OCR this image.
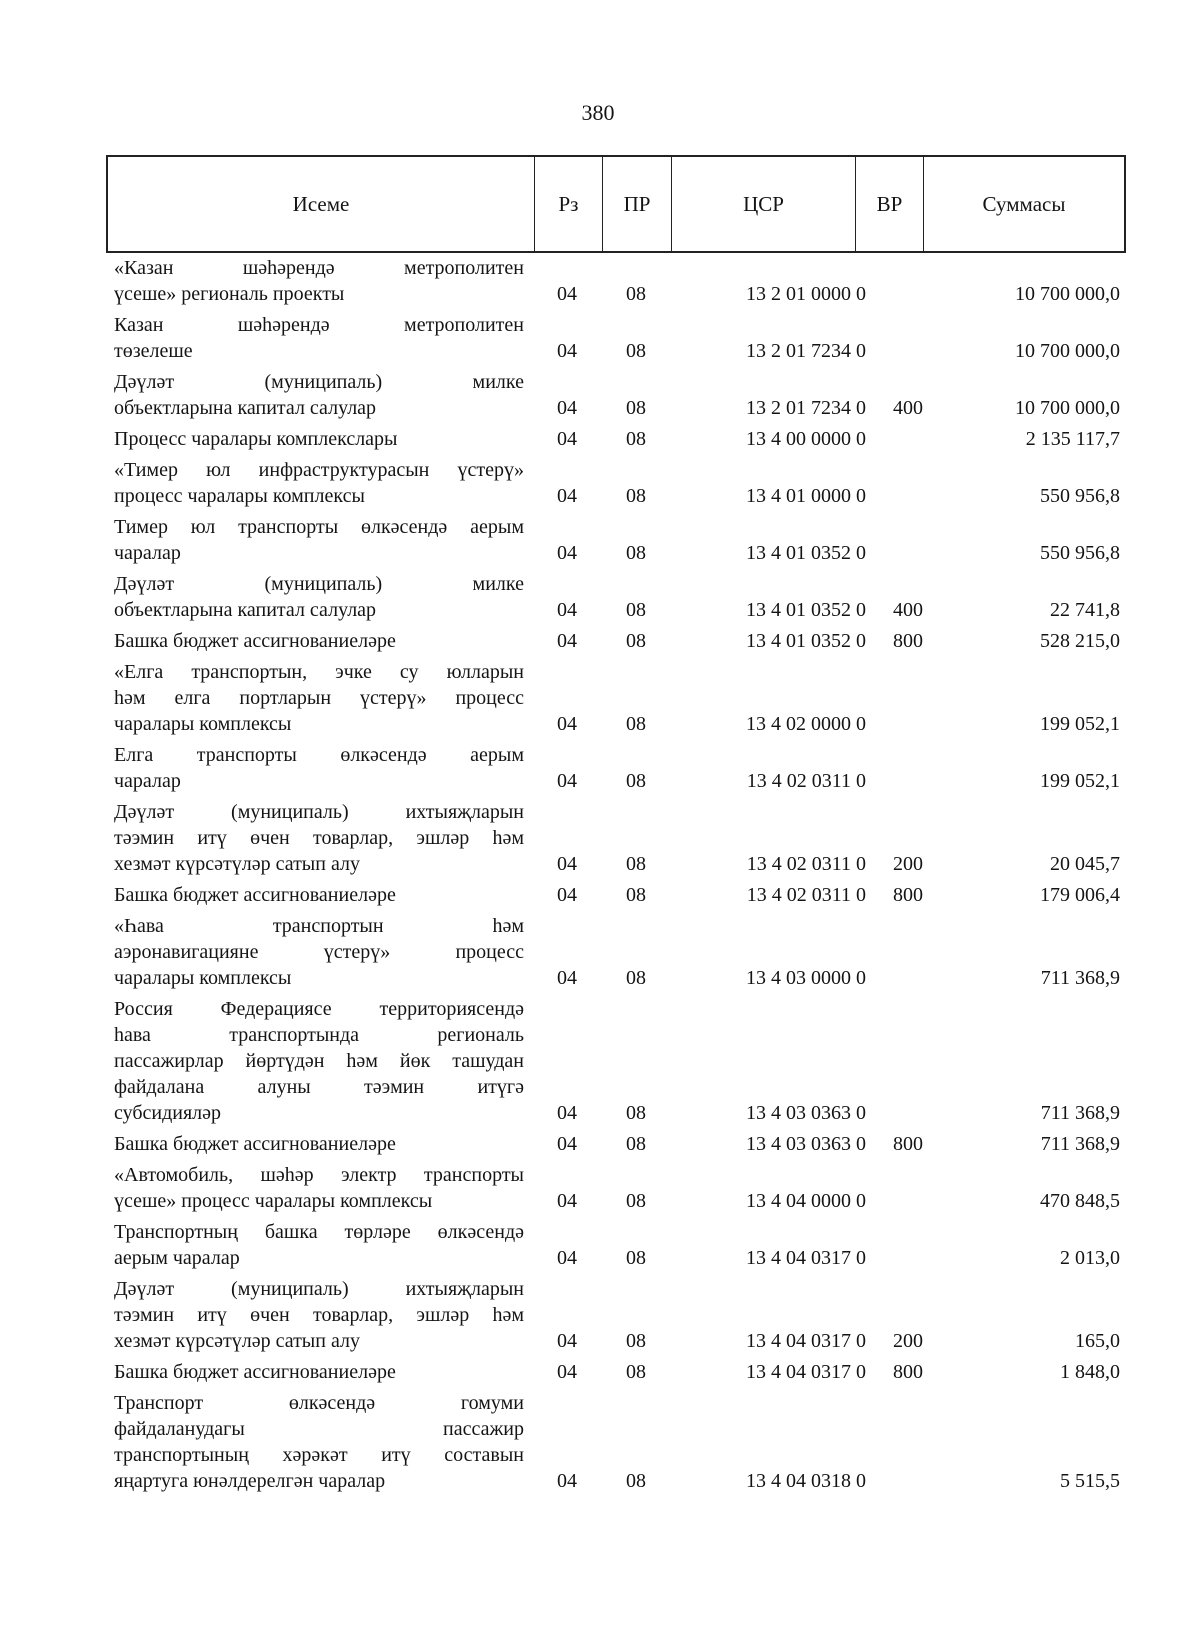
380
Исеме	Рз	ПР	ЦСР	ВР	Суммасы
«Казан шәһәрендә метрополитен
үсеше» региональ проекты	04 08	13 2 01 0000 0	10 700 000,0
Казан шәһәрендә метрополитен
төзелеше	04 08	13 2 01 7234 0	10 700 000,0
Дәүләт (муниципаль) милке
объектларына капитал салулар	04 08	13 2 01 7234 0	400	10 700 000,0
Процесс чаралары комплекслары	04 08	13 4 00 0000 0	2 135 117,7
«Тимер юл инфраструктурасын үстерү»
процесс чаралары комплексы	04 08	13 4 01 0000 0	550 956,8
Тимер юл транспорты өлкәсендә аерым
чаралар	04 08	13 4 01 0352 0	550 956,8
Дәүләт (муниципаль) милке
объектларына капитал салулар	04 08	13 4 01 0352 0	400	22 741,8
Башка бюджет ассигнованиеләре	04 08	13 4 01 0352 0	800	528 215,0
«Елга транспортын, эчке су юлларын
һәм елга портларын үстерү» процесс
чаралары комплексы	04 08	13 4 02 0000 0	199 052,1
Елга транспорты өлкәсендә аерым
чаралар	04 08	13 4 02 0311 0	199 052,1
Дәүләт (муниципаль) ихтыяҗларын
тәэмин итү өчен товарлар, эшләр һәм
хезмәт күрсәтүләр сатып алу	04 08	13 4 02 0311 0	200	20 045,7
Башка бюджет ассигнованиеләре	04 08	13 4 02 0311 0	800	179 006,4
«Һава транспортын һәм
аэронавигацияне үстерү» процесс
чаралары комплексы	04 08	13 4 03 0000 0	711 368,9
Россия Федерациясе территориясендә
һава транспортында региональ
пассажирлар йөртүдән һәм йөк ташудан
файдалана алуны тәэмин итүгә
субсидияләр	04 08	13 4 03 0363 0	711 368,9
Башка бюджет ассигнованиеләре	04 08	13 4 03 0363 0	800	711 368,9
«Автомобиль, шәһәр электр транспорты
үсеше» процесс чаралары комплексы	04 08	13 4 04 0000 0	470 848,5
Транспортның башка төрләре өлкәсендә
аерым чаралар	04 08	13 4 04 0317 0	2 013,0
Дәүләт (муниципаль) ихтыяҗларын
тәэмин итү өчен товарлар, эшләр һәм
хезмәт күрсәтүләр сатып алу	04 08	13 4 04 0317 0	200	165,0
Башка бюджет ассигнованиеләре	04 08	13 4 04 0317 0	800	1 848,0
Транспорт өлкәсендә гомуми
файдаланудагы пассажир
транспортының хәрәкәт итү составын
яңартуга юнәлдерелгән чаралар	04 08	13 4 04 0318 0	5 515,5
